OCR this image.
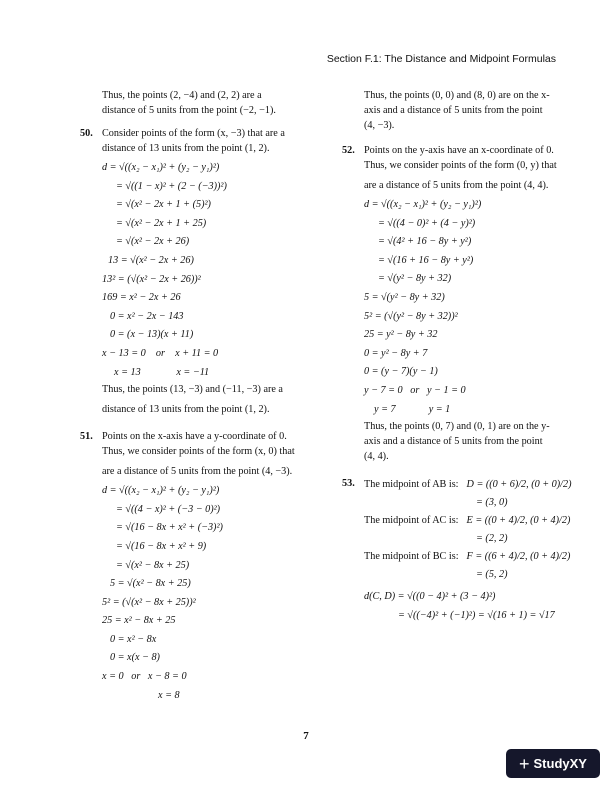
Section F.1: The Distance and Midpoint Formulas

Thus, the points (2, −4) and (2, 2) are a

distance of 5 units from the point (−2, −1).

50. Consider points of the form (x, −3) that are a

distance of 13 units from the point (1, 2).

d = √((x₂ − x₁)² + (y₂ − y₁)²)
= √((1 − x)² + (2 − (−3))²)
= √(x² − 2x + 1 + (5)²)
= √(x² − 2x + 1 + 25)
= √(x² − 2x + 26)
13 = √(x² − 2x + 26)
13² = (√(x² − 2x + 26))²
169 = x² − 2x + 26
0 = x² − 2x − 143
0 = (x − 13)(x + 11)
x − 13 = 0    or    x + 11 = 0
x = 13              x = −11

Thus, the points (13, −3) and (−11, −3) are a

distance of 13 units from the point (1, 2).

51. Points on the x-axis have a y-coordinate of 0.

Thus, we consider points of the form (x, 0) that

are a distance of 5 units from the point (4, −3).

d = √((x₂ − x₁)² + (y₂ − y₁)²)
= √((4 − x)² + (−3 − 0)²)
= √(16 − 8x + x² + (−3)²)
= √(16 − 8x + x² + 9)
= √(x² − 8x + 25)
5 = √(x² − 8x + 25)
5² = (√(x² − 8x + 25))²
25 = x² − 8x + 25
0 = x² − 8x
0 = x(x − 8)
x = 0   or   x − 8 = 0
x = 8

Thus, the points (0, 0) and (8, 0) are on the x-

axis and a distance of 5 units from the point

(4, −3).

52. Points on the y-axis have an x-coordinate of 0.

Thus, we consider points of the form (0, y) that

are a distance of 5 units from the point (4, 4).

d = √((x₂ − x₁)² + (y₂ − y₁)²)
= √((4 − 0)² + (4 − y)²)
= √(4² + 16 − 8y + y²)
= √(16 + 16 − 8y + y²)
= √(y² − 8y + 32)
5 = √(y² − 8y + 32)
5² = (√(y² − 8y + 32))²
25 = y² − 8y + 32
0 = y² − 8y + 7
0 = (y − 7)(y − 1)
y − 7 = 0   or   y − 1 = 0
y = 7             y = 1

Thus, the points (0, 7) and (0, 1) are on the y-

axis and a distance of 5 units from the point

(4, 4).

53. The midpoint of AB is: D = ((0 + 6)/2, (0 + 0)/2)
= (3, 0)
The midpoint of AC is: E = ((0 + 4)/2, (0 + 4)/2)
= (2, 2)
The midpoint of BC is: F = ((6 + 4)/2, (0 + 4)/2)
= (5, 2)
d(C, D) = √((0 − 4)² + (3 − 4)²)
= √((−4)² + (−1)²) = √(16 + 1) = √17
7
+ StudyXY
